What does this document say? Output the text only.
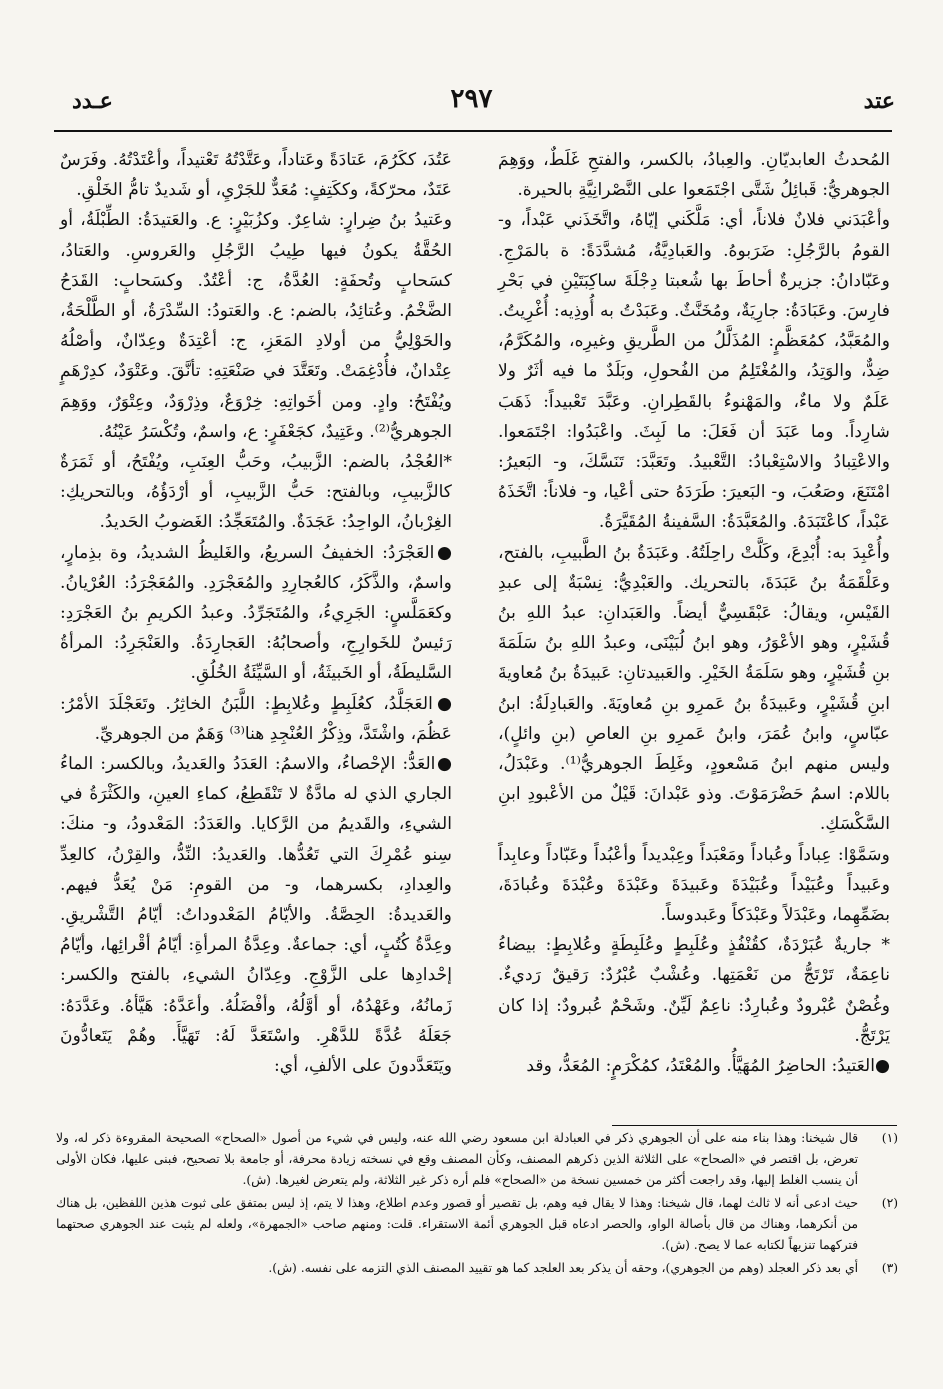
عتد
٢٩٧
عـدد

المُحدثُ العابديّانِ. والعِبادُ، بالكسر، والفتحِ غَلَطٌ، ووَهِمَ الجوهريُّ: قَبائِلُ شَتَّى اجْتَمَعوا على النَّصْرانِيَّةِ بالحيرة.

وأعْبَدَني فلانٌ فلاناً، أي: مَلَّكَني إيّاهُ، واتَّخَذَني عَبْداً، و- القومُ بالرَّجُلِ: ضَرَبوهُ. والعَبادِيَّةُ، مُشدَّدَةً: ة بالمَرْجِ. وعَبّادانُ: جزيرةٌ أحاطَ بها شُعبتا دِجْلَةَ ساكِبَتَيْنِ في بَحْرِ فارِسَ. وعَبَادَةُ: جارِيَةٌ، ومُخَنَّثٌ. وعَبَدْتُ به أُوذِيه: أُغْرِيتُ. والمُعَبَّدُ، كمُعَظَّمٍ: المُذَلَّلُ من الطَّريقِ وغيرِه، والمُكَرَّمُ، ضِدٌّ، والوَتِدُ، والمُغْتَلِمُ من الفُحولِ، وبَلَدٌ ما فيه أثَرٌ ولا عَلَمٌ ولا ماءٌ، والمَهْنوءُ بالقَطِرانِ. وعَبَّدَ تَعْبيداً: ذَهَبَ شارِداً. وما عَبَدَ أن فَعَلَ: ما لَبِثَ. واعْبَدُوا: اجْتَمَعوا. والاعْتِبادُ والاسْتِعْبادُ: التَّعْبيدُ. وتَعَبَّدَ: تَنَسَّكَ، و- البَعيرُ: امْتَنَعَ، وصَعُبَ، و- البَعيرَ: طَرَدَهُ حتى أعْيا، و- فلاناً: اتَّخَذَهُ عَبْداً، كاعْتَبَدَهُ. والمُعَبَّدَةُ: السَّفينةُ المُقَيَّرَةُ.

وأُعْبِدَ به: أُبْدِعَ، وكَلَّتْ راحِلَتُهُ. وعَبَدَةُ بنُ الطَّبيبِ، بالفتح، وعَلْقَمَةُ بنُ عَبَدَةَ، بالتحريك. والعَبْدِيُّ: نِسْبَةٌ إلى عبدِ القَيْسِ، ويقالُ: عَبْقَسِيٌّ أيضاً. والعَبَدانِ: عبدُ اللهِ بنُ قُشَيْرٍ، وهو الأعْوَرُ، وهو ابنُ لُبَيْنَى، وعبدُ اللهِ بنُ سَلَمَةَ بنِ قُشَيْرٍ، وهو سَلَمَةُ الخَيْرِ. والعَبيدتانِ: عَبيدَةُ بنُ مُعاويةَ ابنِ قُشَيْرٍ، وعَبيدَةُ بنُ عَمرِو بنِ مُعاويَةَ. والعَبادِلَةُ: ابنُ عبّاسٍ، وابنُ عُمَرَ، وابنُ عَمرِو بنِ العاصِ (بنِ وائلٍ)، وليس منهم ابنُ مَسْعودٍ، وغَلِطَ الجوهريُّ⁽¹⁾. وعَبْدَلُ، باللام: اسمُ حَضْرَمَوْتَ. وذو عَبْدانَ: قَيْلٌ من الأعْبودِ ابنِ السَّكْسَكِ.

وسَمَّوْا: عِباداً وعُباداً ومَعْبَداً وعِبْديداً وأعْبُداً وعَبّاداً وعابِداً وعَبيداً وعُبَيْداً وعُبَيْدَةَ وعَبيدَةَ وعَبْدَةَ وعُبْدَةَ وعُبادَةَ، بضَمِّهِما، وعَبْدَلاً وعَبْدَكاً وعَبدوساً.

* جاريةٌ عُبَرْدَةٌ، كقُنْفُذٍ وعُلَبِطٍ وعُلَبِطَةٍ وعُلابِطٍ: بيضاءُ ناعِمَةٌ، تَرْتَجُّ من نَعْمَتِها. وعُشْبٌ عُبْرُدٌ: رَقيقٌ رَديءٌ. وغُصْنٌ عُبْرودٌ وعُبارِدٌ: ناعِمٌ لَيِّنٌ. وشَحْمٌ عُبرودٌ: إذا كان يَرْتَجُّ.

●العَتيدُ: الحاضِرُ المُهَيَّأُ. والمُعْتَدُ، كمُكْرَمٍ: المُعَدُّ، وقد

عَتُدَ، ككَرُمَ، عَتادَةً وعَتاداً، وعَتَّدْتُهُ تَعْتيداً، وأعْتَدْتُهُ. وفَرَسٌ عَتَدٌ، محرّكةً، وككَتِفٍ: مُعَدٌّ للجَرْيِ، أو شَديدٌ تامُّ الخَلْقِ.

وعَتيدُ بنُ ضِرارٍ: شاعِرٌ. وكزُبَيْرٍ: ع. والعَتيدَةُ: الطِّبْلَةُ، أو الحُقَّةُ يكونُ فيها طِيبُ الرَّجُلِ والعَروسِ. والعَتادُ، كسَحابٍ وتُحفَةٍ: العُدَّةُ، ج: أعْتُدٌ. وكسَحابٍ: القَدَحُ الضَّخْمُ. وعُتائِدُ، بالضم: ع. والعَتودُ: السِّدْرَةُ، أو الطَّلْحَةُ، والحَوْلِيُّ من أولادِ المَعَزِ، ج: أعْتِدَةٌ وعِدّانٌ، وأصْلُهُ عِتْدانٌ، فأُدْغِمَتْ. وتَعَتَّدَ في صَنْعَتِهِ: تأنَّقَ. وعَتْوَدٌ، كدِرْهَمٍ ويُفْتَحُ: وادٍ. ومن أخَواتِهِ: خِرْوَعٌ، وذِرْوَدٌ، وعِتْوَرٌ، ووَهِمَ الجوهريُّ⁽²⁾. وعَتِيدٌ، كجَعْفَرٍ: ع، واسمٌ، وتُكْسَرُ عَيْنُهُ.

*العُجْدُ، بالضم: الزَّبيبُ، وحَبُّ العِنَبِ، ويُفْتَحُ، أو ثَمَرَةٌ كالزَّبيبِ، وبالفتح: حَبُّ الزَّبيبِ، أو أرْدَؤُهُ، وبالتحريكِ: الغِرْبانُ، الواحِدُ: عَجَدَةٌ. والمُتَعَجِّدُ: الغَضوبُ الحَديدُ.

●العَجْرَدُ: الخفيفُ السريعُ، والغَليظُ الشديدُ، وة بذِمارٍ، واسمٌ، والذَّكَرُ، كالعُجارِدِ والمُعَجْرَدِ. والمُعَجْرَدُ: العُرْيانُ. وكعَمَلَّسٍ: الجَرِيءُ، والمُتَجَرِّدُ. وعبدُ الكريمِ بنُ العَجْرَدِ: رَئيسٌ للخَوارِجِ، وأصحابُهُ: العَجارِدَةُ. والعَنْجَرِدُ: المرأةُ السَّليطَةُ، أو الخَبيثَةُ، أو السَّيِّئَةُ الخُلُقِ.

●العَجَلَّدُ، كعُلَبِطٍ وعُلابِطٍ: اللَّبَنُ الخاثِرُ. وتَعَجْلَدَ الأمْرُ: عَظُمَ، واشْتَدَّ، وذِكْرُ العُنْجِدِ هنا⁽³⁾ وَهَمٌ من الجوهريِّ.

●العَدُّ: الإحْصاءُ، والاسمُ: العَدَدُ والعَديدُ، وبالكسر: الماءُ الجاري الذي له مادَّةٌ لا تَنْقَطِعُ، كماءِ العينِ، والكَثْرَةُ في الشيءِ، والقَديمُ من الرَّكايا. والعَدَدُ: المَعْدودُ، و- منكَ: سِنو عُمْرِكَ التي تَعُدُّها. والعَديدُ: النِّدُّ، والقِرْنُ، كالعِدِّ والعِدادِ، بكسرهما، و- من القومِ: مَنْ يُعَدُّ فيهم. والعَديدةُ: الحِصَّةُ. والأيّامُ المَعْدوداتُ: أيّامُ التَّشْريقِ. وعِدَّةُ كُتُبٍ، أي: جماعةٌ. وعِدَّةُ المرأةِ: أيّامُ أقْرائِها، وأيّامُ إحْدادِها على الزَّوْجِ. وعِدّانُ الشيءِ، بالفتح والكسر: زَمانُهُ، وعَهْدُهُ، أو أوَّلُهُ، وأفْضَلُهُ. وأعَدَّهُ: هَيَّأهُ. وعَدَّدَهُ: جَعَلَهُ عُدَّةً للدَّهْرِ. واسْتَعَدَّ لَهُ: تَهَيَّأَ. وهُمْ يَتَعادُّونَ ويَتَعَدَّدونَ على الألفِ، أي:

(١)
قال شيخنا: وهذا بناء منه على أن الجوهري ذكر في العبادلة ابن مسعود رضي الله عنه، وليس في شيء من أصول «الصحاح» الصحيحة المقروءة ذكر له، ولا تعرض، بل اقتصر في «الصحاح» على الثلاثة الذين ذكرهم المصنف، وكأن المصنف وقع في نسخته زيادة محرفة، أو جامعة بلا تصحيح، فبنى عليها، فكان الأولى أن ينسب الغلط إليها، وقد راجعت أكثر من خمسين نسخة من «الصحاح» فلم أره ذكر غير الثلاثة، ولم يتعرض لغيرها. (ش).
(٢)
حيث ادعى أنه لا ثالث لهما، قال شيخنا: وهذا لا يقال فيه وهم، بل تقصير أو قصور وعدم اطلاع، وهذا لا يتم، إذ ليس بمتفق على ثبوت هذين اللفظين، بل هناك من أنكرهما، وهناك من قال بأصالة الواو، والحصر ادعاه قبل الجوهري أئمة الاستقراء. قلت: ومنهم صاحب «الجمهرة»، ولعله لم يثبت عند الجوهري صحتهما فتركهما تنزيهاً لكتابه عما لا يصح. (ش).
(٣)
أي بعد ذكر العجلد (وهم من الجوهري)، وحقه أن يذكر بعد العلجد كما هو تقييد المصنف الذي التزمه على نفسه. (ش).
